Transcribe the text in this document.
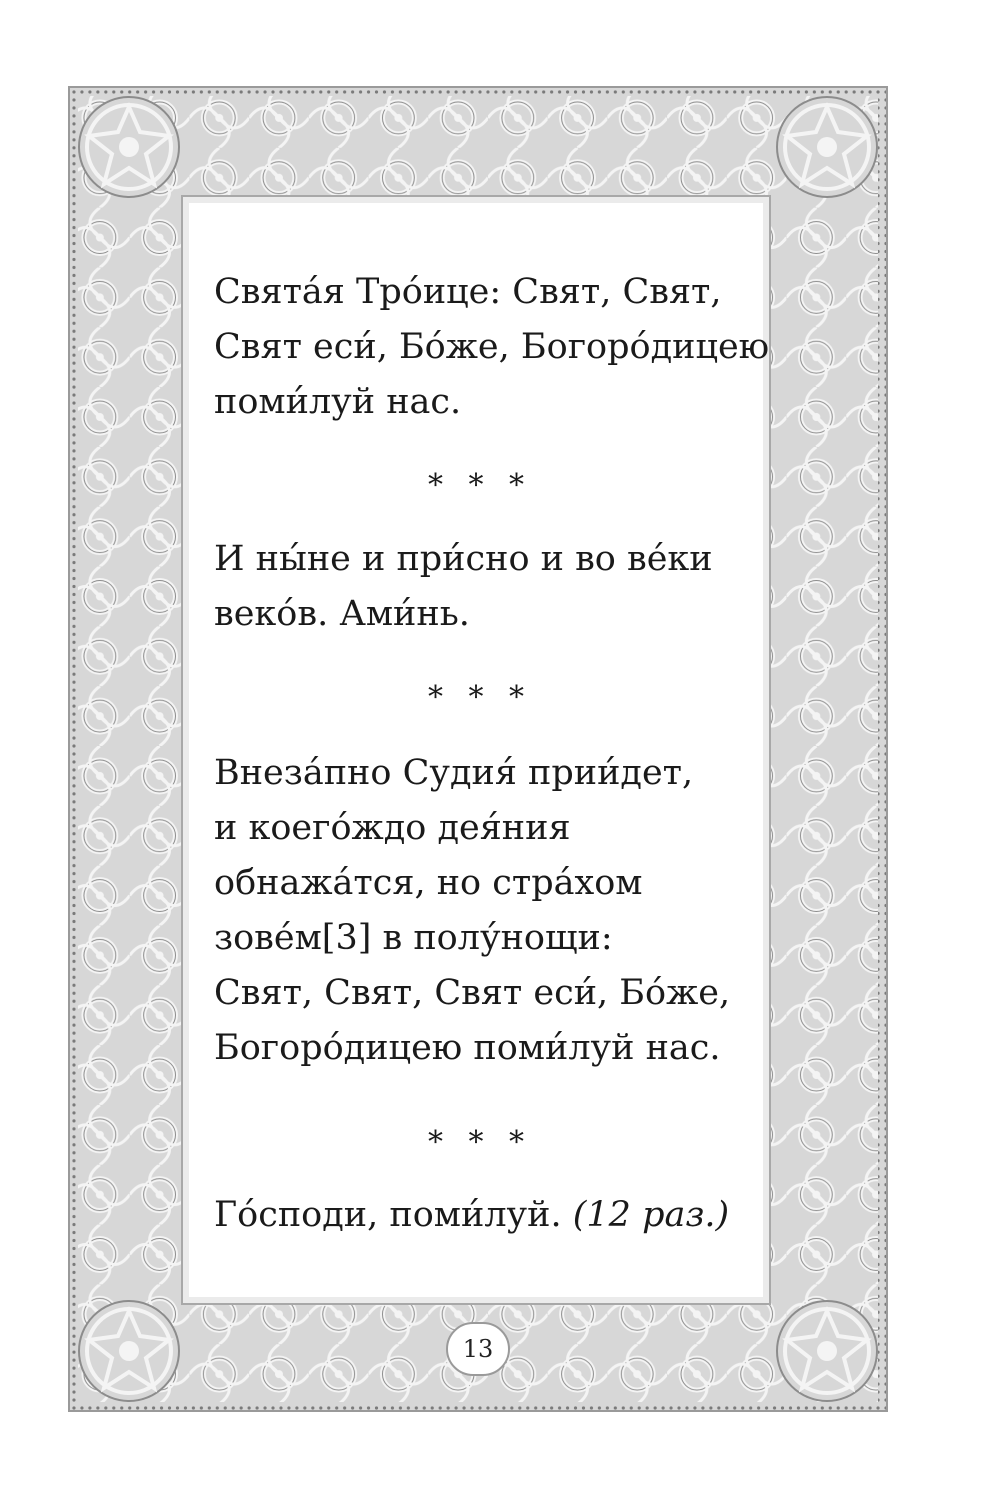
Свята́я Тро́ице: Свят, Свят,
Свят еси́, Бо́же, Богоро́дицею
поми́луй нас.

* * *

И ны́не и при́сно и во ве́ки
веко́в. Ами́нь.

* * *

Внеза́пно Судия́ прии́дет,
и коего́ждо дея́ния
обнажа́тся, но стра́хом
зове́м[3] в полу́нощи:
Свят, Свят, Свят еси́, Бо́же,
Богоро́дицею поми́луй нас.

* * *

Го́споди, поми́луй. (12 раз.)

13
